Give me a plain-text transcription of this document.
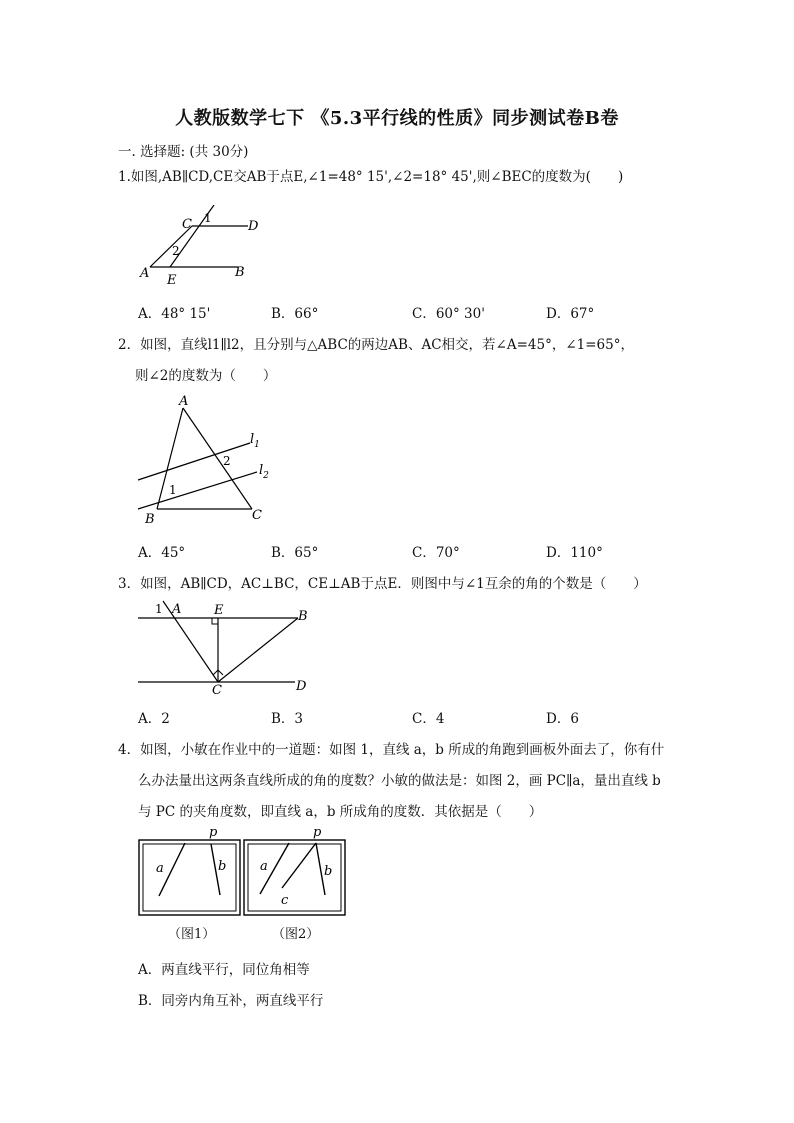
人教版数学七下 《5.3平行线的性质》同步测试卷B卷
一. 选择题: (共 30分)
1.如图,AB∥CD,CE交AB于点E,∠1=48° 15',∠2=18° 45',则∠BEC的度数为(　　)
C	D
A E
B
1
2
A．48° 15'	B．66°	C．60° 30'	D．67°
2．如图，直线l1∥l2，且分别与△ABC的两边AB、AC相交，若∠A=45°，∠1=65°，
则∠2的度数为（　　）
A
B	C
1
2
$l_1$
$l_2$
A．45°	B．65°	C．70°	D．110°
3．如图，AB∥CD，AC⊥BC，CE⊥AB于点E．则图中与∠1互余的角的个数是（　　）
1 A	E	B
C	D
A．2	B．3	C．4	D．6
4．如图，小敏在作业中的一道题：如图 1，直线 a，b 所成的角跑到画板外面去了，你有什
么办法量出这两条直线所成的角的度数？小敏的做法是：如图 2，画 PC∥a，量出直线 b
与 PC 的夹角度数，即直线 a，b 所成角的度数．其依据是（　　）
p
a	b
p
a	b
c
（图1）	（图2）
A．两直线平行，同位角相等
B．同旁内角互补，两直线平行
